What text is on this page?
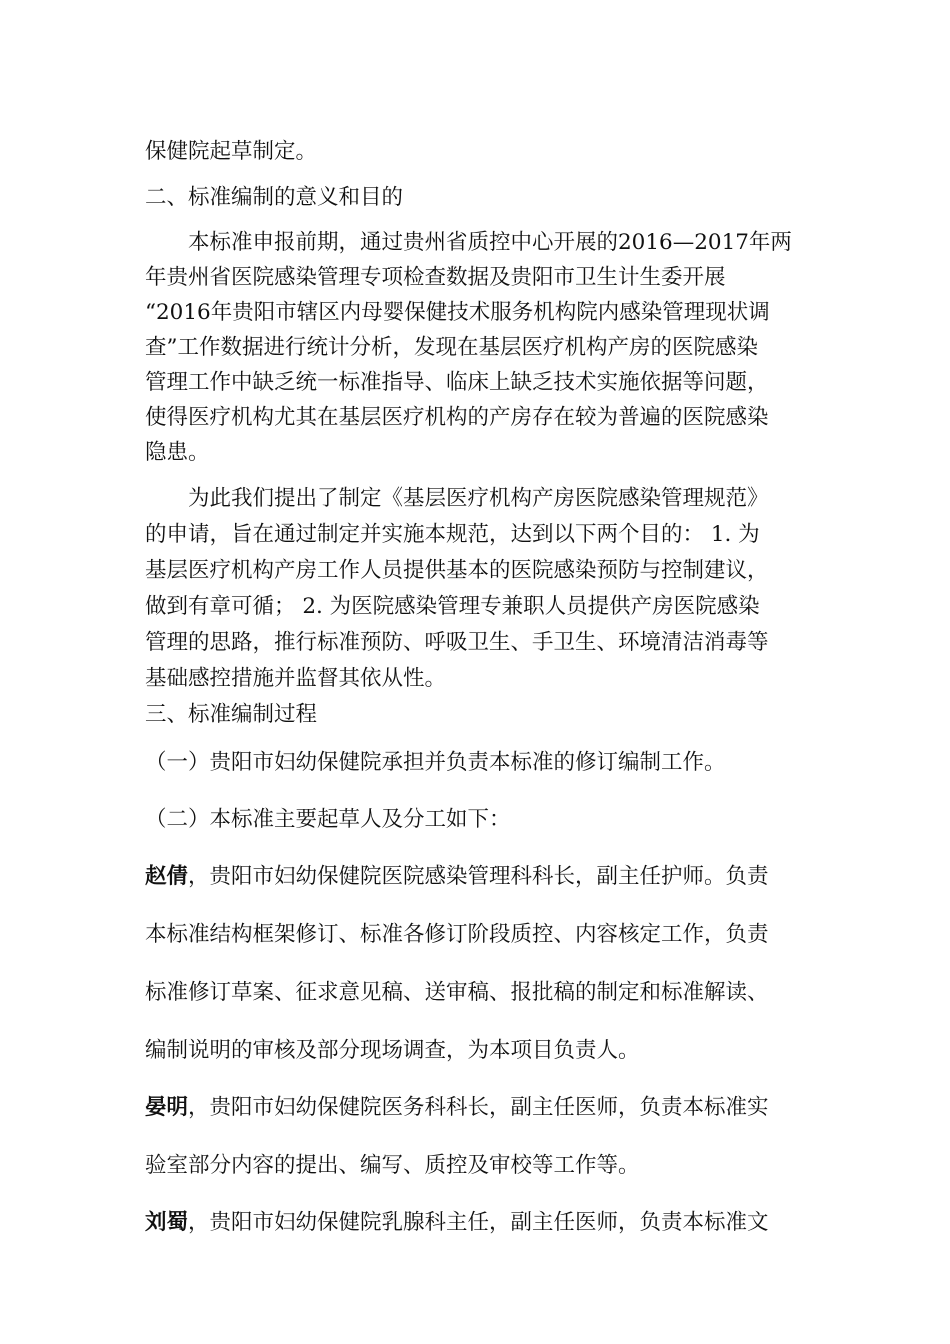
保健院起草制定。
二、标准编制的意义和目的
本标准申报前期，通过贵州省质控中心开展的2016—2017年两
年贵州省医院感染管理专项检查数据及贵阳市卫生计生委开展
“2016年贵阳市辖区内母婴保健技术服务机构院内感染管理现状调
查”工作数据进行统计分析，发现在基层医疗机构产房的医院感染
管理工作中缺乏统一标准指导、临床上缺乏技术实施依据等问题，
使得医疗机构尤其在基层医疗机构的产房存在较为普遍的医院感染
隐患。
为此我们提出了制定《基层医疗机构产房医院感染管理规范》
的申请，旨在通过制定并实施本规范，达到以下两个目的： 1. 为
基层医疗机构产房工作人员提供基本的医院感染预防与控制建议，
做到有章可循； 2. 为医院感染管理专兼职人员提供产房医院感染
管理的思路，推行标准预防、呼吸卫生、手卫生、环境清洁消毒等
基础感控措施并监督其依从性。
三、标准编制过程
（一）贵阳市妇幼保健院承担并负责本标准的修订编制工作。
（二）本标准主要起草人及分工如下：
赵倩，贵阳市妇幼保健院医院感染管理科科长，副主任护师。负责
本标准结构框架修订、标准各修订阶段质控、内容核定工作，负责
标准修订草案、征求意见稿、送审稿、报批稿的制定和标准解读、
编制说明的审核及部分现场调查，为本项目负责人。
晏明，贵阳市妇幼保健院医务科科长，副主任医师，负责本标准实
验室部分内容的提出、编写、质控及审校等工作等。
刘蜀，贵阳市妇幼保健院乳腺科主任，副主任医师，负责本标准文
